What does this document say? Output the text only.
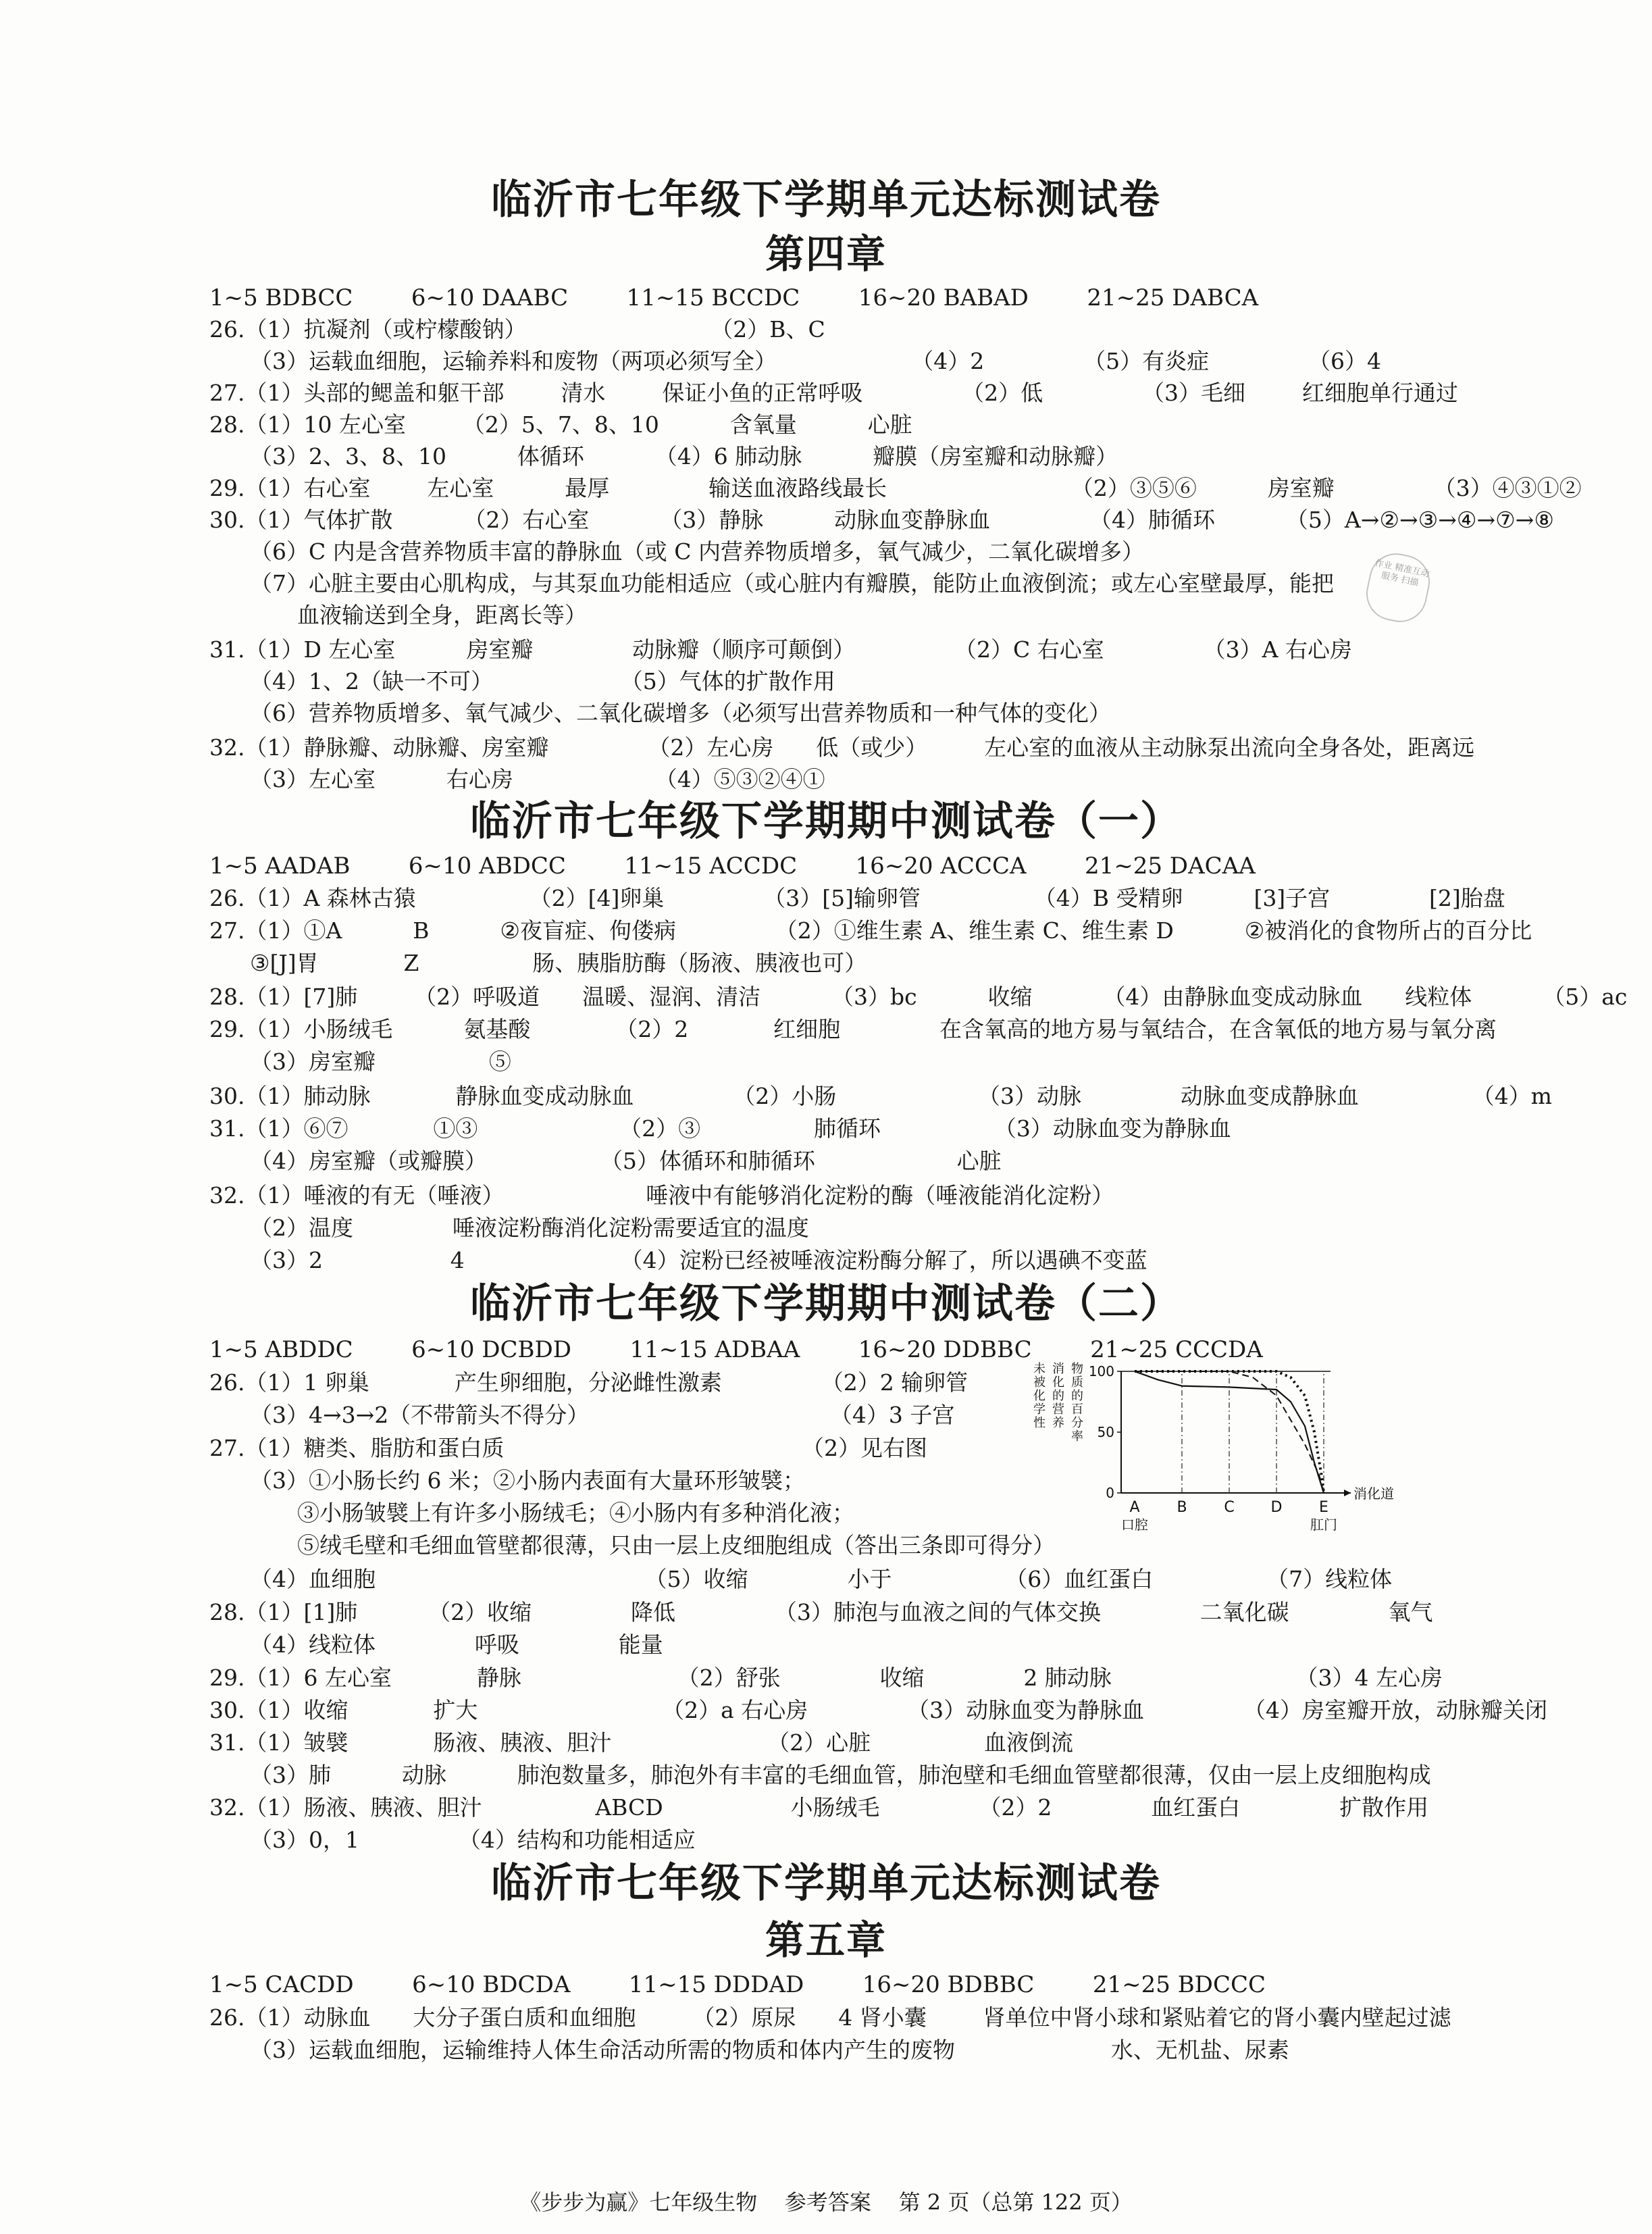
临沂市七年级下学期单元达标测试卷
第四章
1~5 BDBCC        6~10 DAABC        11~15 BCCDC        16~20 BABAD        21~25 DABCA
26.（1）抗凝剂（或柠檬酸钠）                          （2）B、C
（3）运载血细胞，运输养料和废物（两项必须写全）                   （4）2              （5）有炎症              （6）4
27.（1）头部的鳃盖和躯干部        清水        保证小鱼的正常呼吸              （2）低              （3）毛细        红细胞单行通过
28.（1）10 左心室        （2）5、7、8、10          含氧量          心脏
（3）2、3、8、10          体循环          （4）6 肺动脉          瓣膜（房室瓣和动脉瓣）
29.（1）右心室        左心室          最厚              输送血液路线最长                          （2）③⑤⑥          房室瓣              （3）④③①②
30.（1）气体扩散          （2）右心室          （3）静脉          动脉血变静脉血              （4）肺循环          （5）A→②→③→④→⑦→⑧
（6）C 内是含营养物质丰富的静脉血（或 C 内营养物质增多，氧气减少，二氧化碳增多）
（7）心脏主要由心肌构成，与其泵血功能相适应（或心脏内有瓣膜，能防止血液倒流；或左心室壁最厚，能把
血液输送到全身，距离长等）
31.（1）D 左心室          房室瓣              动脉瓣（顺序可颠倒）              （2）C 右心室              （3）A 右心房
（4）1、2（缺一不可）                  （5）气体的扩散作用
（6）营养物质增多、氧气减少、二氧化碳增多（必须写出营养物质和一种气体的变化）
32.（1）静脉瓣、动脉瓣、房室瓣              （2）左心房      低（或少）        左心室的血液从主动脉泵出流向全身各处，距离远
（3）左心室          右心房                    （4）⑤③②④①
作业 精准互动服务 扫描
临沂市七年级下学期期中测试卷（一）
1~5 AADAB        6~10 ABDCC        11~15 ACCDC        16~20 ACCCA        21~25 DACAA
26.（1）A 森林古猿                （2）[4]卵巢              （3）[5]输卵管                （4）B 受精卵          [3]子宫              [2]胎盘
27.（1）①A          B          ②夜盲症、佝偻病              （2）①维生素 A、维生素 C、维生素 D          ②被消化的食物所占的百分比
③[J]胃            Z                肠、胰脂肪酶（肠液、胰液也可）
28.（1）[7]肺        （2）呼吸道      温暖、湿润、清洁          （3）bc          收缩          （4）由静脉血变成动脉血      线粒体          （5）ac
29.（1）小肠绒毛          氨基酸            （2）2            红细胞              在含氧高的地方易与氧结合，在含氧低的地方易与氧分离
（3）房室瓣                ⑤
30.（1）肺动脉            静脉血变成动脉血              （2）小肠                    （3）动脉              动脉血变成静脉血                （4）m
31.（1）⑥⑦            ①③                    （2）③                肺循环                （3）动脉血变为静脉血
（4）房室瓣（或瓣膜）                （5）体循环和肺循环                    心脏
32.（1）唾液的有无（唾液）                    唾液中有能够消化淀粉的酶（唾液能消化淀粉）
（2）温度              唾液淀粉酶消化淀粉需要适宜的温度
（3）2                  4                      （4）淀粉已经被唾液淀粉酶分解了，所以遇碘不变蓝
临沂市七年级下学期期中测试卷（二）
1~5 ABDDC        6~10 DCBDD        11~15 ADBAA        16~20 DDBBC        21~25 CCCDA
26.（1）1 卵巢            产生卵细胞，分泌雌性激素              （2）2 输卵管
（3）4→3→2（不带箭头不得分）                                  （4）3 子宫
27.（1）糖类、脂肪和蛋白质                                          （2）见右图
（3）①小肠长约 6 米；②小肠内表面有大量环形皱襞；
③小肠皱襞上有许多小肠绒毛；④小肠内有多种消化液；
⑤绒毛壁和毛细血管壁都很薄，只由一层上皮细胞组成（答出三条即可得分）
（4）血细胞                                      （5）收缩              小于                （6）血红蛋白                （7）线粒体
28.（1）[1]肺          （2）收缩              降低              （3）肺泡与血液之间的气体交换              二氧化碳              氧气
（4）线粒体              呼吸              能量
29.（1）6 左心室            静脉                      （2）舒张              收缩              2 肺动脉                          （3）4 左心房
30.（1）收缩            扩大                          （2）a 右心房              （3）动脉血变为静脉血              （4）房室瓣开放，动脉瓣关闭
31.（1）皱襞            肠液、胰液、胆汁                      （2）心脏                血液倒流
（3）肺          动脉          肺泡数量多，肺泡外有丰富的毛细血管，肺泡壁和毛细血管壁都很薄，仅由一层上皮细胞构成
32.（1）肠液、胰液、胆汁                ABCD                  小肠绒毛              （2）2              血红蛋白              扩散作用
（3）0，1              （4）结构和功能相适应
未
被
化
学
性
消
化
的
营
养
物
质
的
百
分
率
0
50
100
A
口腔
B C D E
肛门
消化道
临沂市七年级下学期单元达标测试卷
第五章
1~5 CACDD        6~10 BDCDA        11~15 DDDAD        16~20 BDBBC        21~25 BDCCC
26.（1）动脉血      大分子蛋白质和血细胞        （2）原尿      4 肾小囊        肾单位中肾小球和紧贴着它的肾小囊内壁起过滤
（3）运载血细胞，运输维持人体生命活动所需的物质和体内产生的废物                      水、无机盐、尿素
《步步为赢》七年级生物    参考答案    第 2 页（总第 122 页）
